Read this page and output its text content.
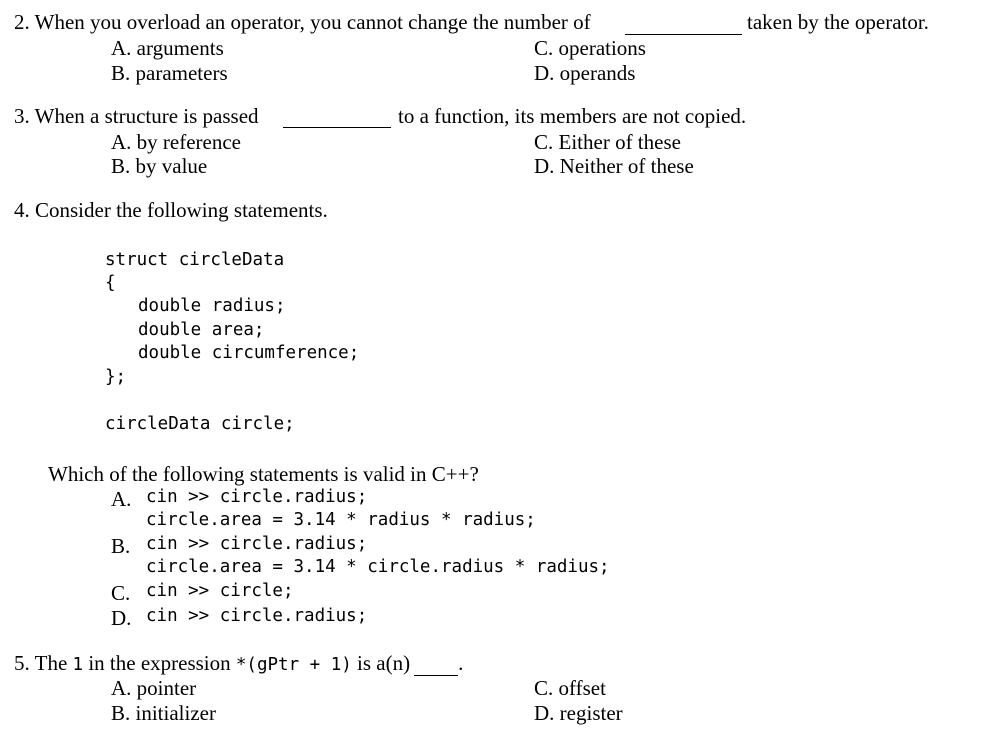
2. When you overload an operator, you cannot change the number of	taken by the operator.
A. arguments
B. parameters
C. operations
D. operands
3. When a structure is passed	to a function, its members are not copied.
A. by reference
B. by value
C. Either of these
D. Neither of these
4. Consider the following statements.
struct circleData
{
double radius;
double area;
double circumference;
};
circleData circle;
Which of the following statements is valid in C++?
A. cin >> circle.radius;
circle.area = 3.14 * radius * radius;
B. cin >> circle.radius;
circle.area = 3.14 * circle.radius * radius;
C. cin >> circle;
D. cin >> circle.radius;
5. The 1 in the expression *(gPtr + 1) is a(n) .
A. pointer
B. initializer
C. offset
D. register
